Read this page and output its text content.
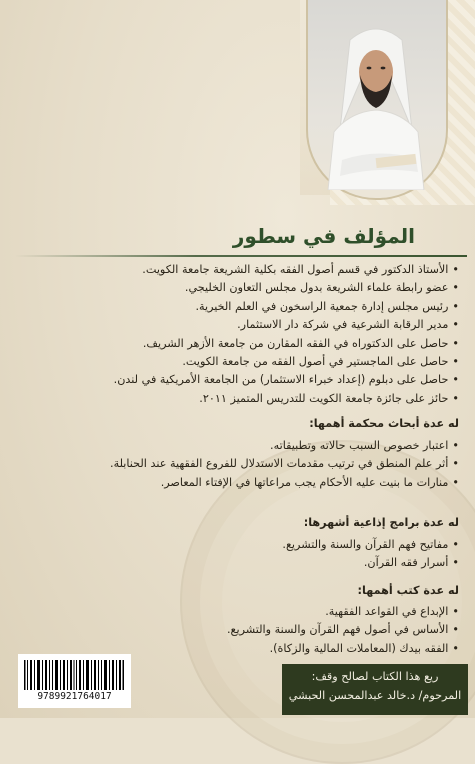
المؤلف في سطور
• الأستاذ الدكتور في قسم أصول الفقه بكلية الشريعة جامعة الكويت.
• عضو رابطة علماء الشريعة بدول مجلس التعاون الخليجي.
• رئيس مجلس إدارة جمعية الراسخون في العلم الخيرية.
• مدير الرقابة الشرعية في شركة دار الاستثمار.
• حاصل على الدكتوراه في الفقه المقارن من جامعة الأزهر الشريف.
• حاصل على الماجستير في أصول الفقه من جامعة الكويت.
• حاصل على دبلوم (إعداد خبراء الاستثمار) من الجامعة الأمريكية في لندن.
• حائز على جائزة جامعة الكويت للتدريس المتميز ٢٠١١.
له عدة أبحاث محكمة أهمها:
• اعتبار خصوص السبب حالاته وتطبيقاته.
• أثر علم المنطق في ترتيب مقدمات الاستدلال للفروع الفقهية عند الحنابلة.
• منارات ما بنيت عليه الأحكام يجب مراعاتها في الإفتاء المعاصر.
له عدة برامج إذاعية أشهرها:
• مفاتيح فهم القرآن والسنة والتشريع.
• أسرار فقه القرآن.
له عدة كتب أهمها:
• الإبداع في القواعد الفقهية.
• الأساس في أصول فهم القرآن والسنة والتشريع.
• الفقه بيدك (المعاملات المالية والزكاة).
9789921764017
ريع هذا الكتاب لصالح وقف:
المرحوم/ د.خالد عبدالمحسن الحبشي
